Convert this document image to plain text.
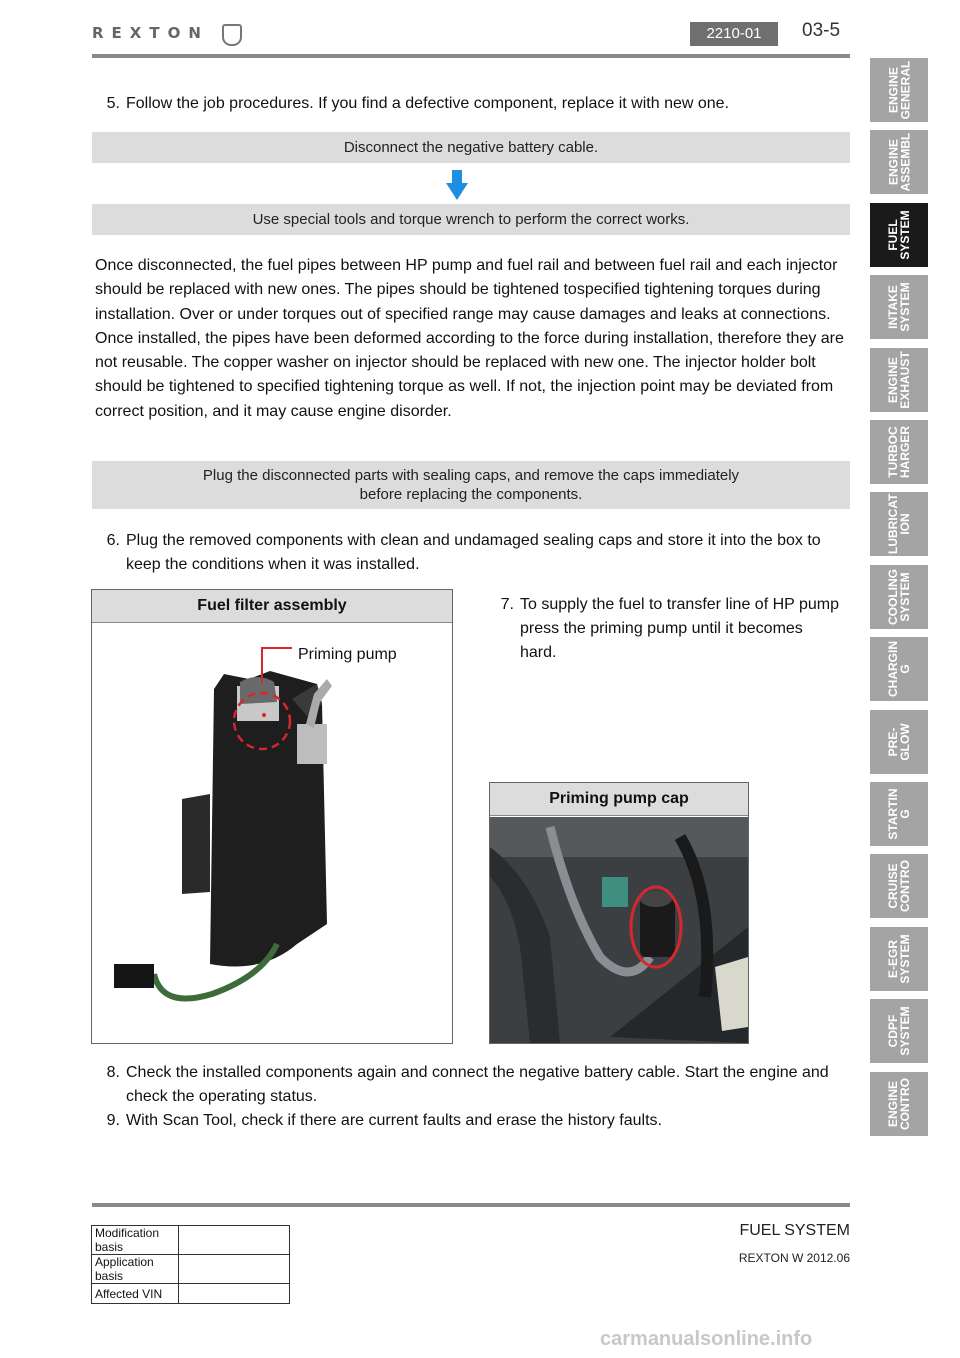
REXTON	2210-01	03-5
5. Follow the job procedures. If you find a defective component, replace it with new one.
Disconnect the negative battery cable.
Use special tools and torque wrench to perform the correct works.
Once disconnected, the fuel pipes between HP pump and fuel rail and between fuel rail and each injector should be replaced with new ones. The pipes should be tightened tospecified tightening torques during installation. Over or under torques out of specified range may cause damages and leaks at connections. Once installed, the pipes have been deformed according to the force during installation, therefore they are not reusable. The copper washer on injector should be replaced with new one. The injector holder bolt should be tightened to specified tightening torque as well. If not, the injection point may be deviated from correct position, and it may cause engine disorder.
Plug the disconnected parts with sealing caps, and remove the caps immediately
before replacing the components.
6. Plug the removed components with clean and undamaged sealing caps and store it into the box to
keep the conditions when it was installed.
Fuel filter assembly
Priming pump
7. To supply the fuel to transfer line of HP pump
press the priming pump until it becomes
hard.
Priming pump cap
8. Check the installed components again and connect the negative battery cable. Start the engine and
check the operating status.
9. With Scan Tool, check if there are current faults and erase the history faults.
ENGINE
GENERAL
ENGINE
ASSEMBL
FUEL
SYSTEM
INTAKE
SYSTEM
ENGINE
EXHAUST
TURBOC
HARGER
LUBRICAT
ION
COOLING
SYSTEM
CHARGIN
G
PRE-
GLOW
STARTIN
G
CRUISE
CONTRO
E-EGR
SYSTEM
CDPF
SYSTEM
ENGINE
CONTRO
Modification basis	
Application basis	
Affected VIN	
FUEL SYSTEM
REXTON W 2012.06
carmanualsonline.info
